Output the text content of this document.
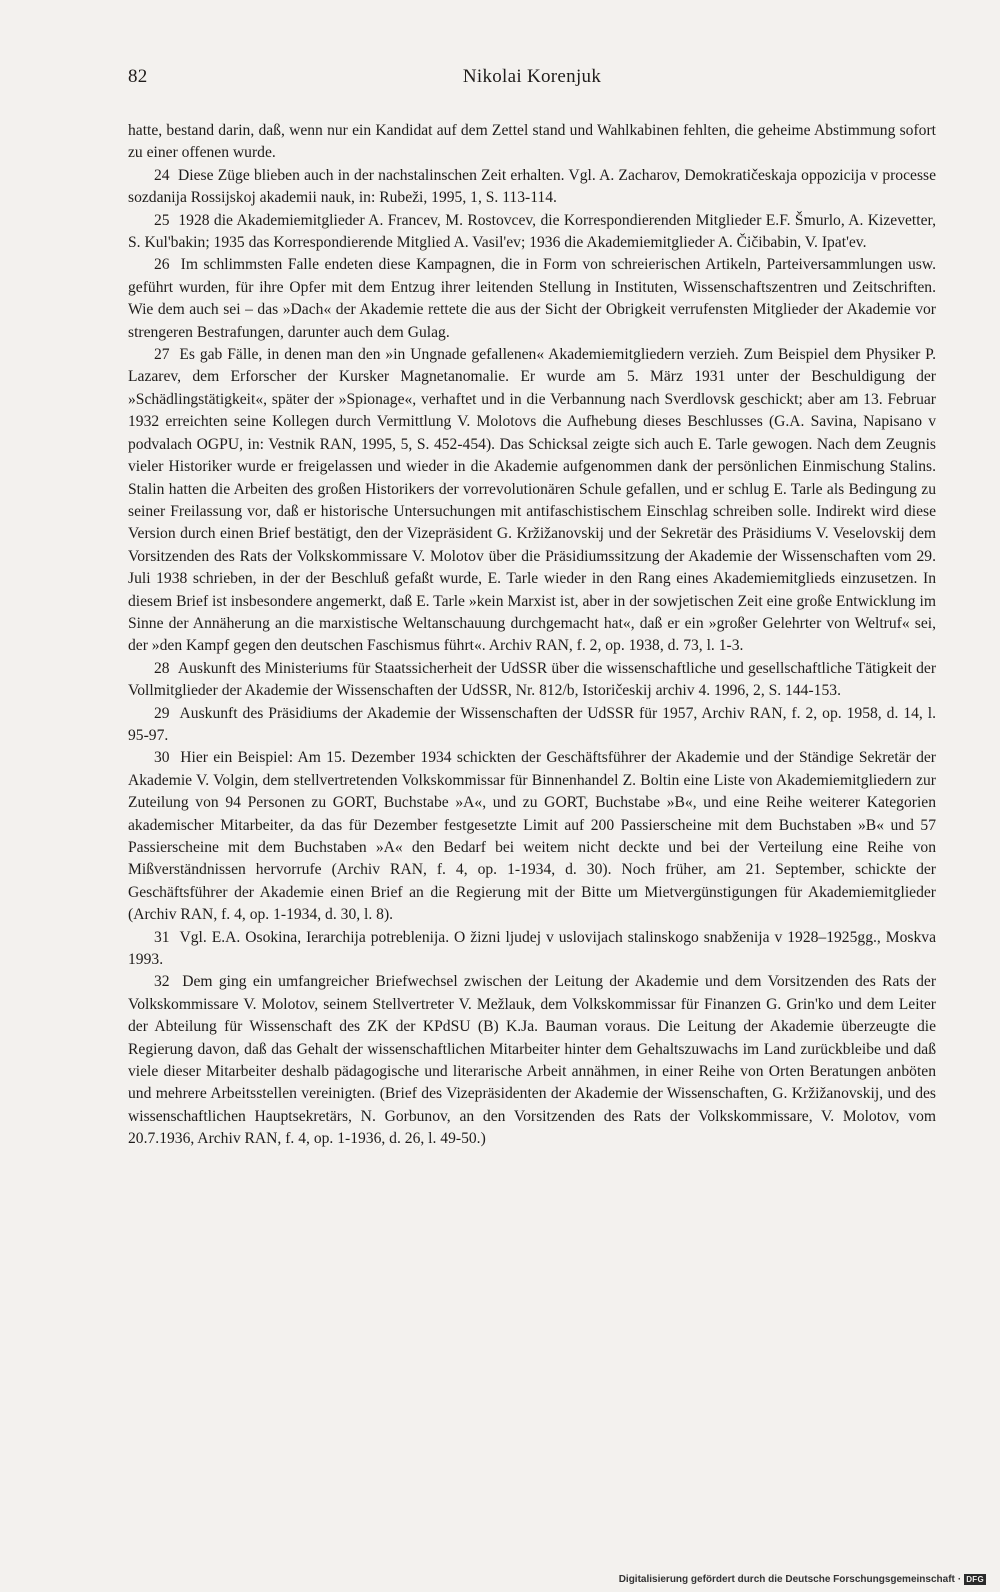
82	Nikolai Korenjuk

hatte, bestand darin, daß, wenn nur ein Kandidat auf dem Zettel stand und Wahlkabinen fehlten, die geheime Abstimmung sofort zu einer offenen wurde.

24 Diese Züge blieben auch in der nachstalinschen Zeit erhalten. Vgl. A. Zacharov, Demokratičeskaja oppozicija v processe sozdanija Rossijskoj akademii nauk, in: Rubeži, 1995, 1, S. 113-114.

25 1928 die Akademiemitglieder A. Francev, M. Rostovcev, die Korrespondierenden Mitglieder E.F. Šmurlo, A. Kizevetter, S. Kul'bakin; 1935 das Korrespondierende Mitglied A. Vasil'ev; 1936 die Akademiemitglieder A. Čičibabin, V. Ipat'ev.

26 Im schlimmsten Falle endeten diese Kampagnen, die in Form von schreierischen Artikeln, Parteiversammlungen usw. geführt wurden, für ihre Opfer mit dem Entzug ihrer leitenden Stellung in Instituten, Wissenschaftszentren und Zeitschriften. Wie dem auch sei – das »Dach« der Akademie rettete die aus der Sicht der Obrigkeit verrufensten Mitglieder der Akademie vor strengeren Bestrafungen, darunter auch dem Gulag.

27 Es gab Fälle, in denen man den »in Ungnade gefallenen« Akademiemitgliedern verzieh. Zum Beispiel dem Physiker P. Lazarev, dem Erforscher der Kursker Magnetanomalie. Er wurde am 5. März 1931 unter der Beschuldigung der »Schädlingstätigkeit«, später der »Spionage«, verhaftet und in die Verbannung nach Sverdlovsk geschickt; aber am 13. Februar 1932 erreichten seine Kollegen durch Vermittlung V. Molotovs die Aufhebung dieses Beschlusses (G.A. Savina, Napisano v podvalach OGPU, in: Vestnik RAN, 1995, 5, S. 452-454). Das Schicksal zeigte sich auch E. Tarle gewogen. Nach dem Zeugnis vieler Historiker wurde er freigelassen und wieder in die Akademie aufgenommen dank der persönlichen Einmischung Stalins. Stalin hatten die Arbeiten des großen Historikers der vorrevolutionären Schule gefallen, und er schlug E. Tarle als Bedingung zu seiner Freilassung vor, daß er historische Untersuchungen mit antifaschistischem Einschlag schreiben solle. Indirekt wird diese Version durch einen Brief bestätigt, den der Vizepräsident G. Kržižanovskij und der Sekretär des Präsidiums V. Veselovskij dem Vorsitzenden des Rats der Volkskommissare V. Molotov über die Präsidiumssitzung der Akademie der Wissenschaften vom 29. Juli 1938 schrieben, in der der Beschluß gefaßt wurde, E. Tarle wieder in den Rang eines Akademiemitglieds einzusetzen. In diesem Brief ist insbesondere angemerkt, daß E. Tarle »kein Marxist ist, aber in der sowjetischen Zeit eine große Entwicklung im Sinne der Annäherung an die marxistische Weltanschauung durchgemacht hat«, daß er ein »großer Gelehrter von Weltruf« sei, der »den Kampf gegen den deutschen Faschismus führt«. Archiv RAN, f. 2, op. 1938, d. 73, l. 1-3.

28 Auskunft des Ministeriums für Staatssicherheit der UdSSR über die wissenschaftliche und gesellschaftliche Tätigkeit der Vollmitglieder der Akademie der Wissenschaften der UdSSR, Nr. 812/b, Istoričeskij archiv 4. 1996, 2, S. 144-153.

29 Auskunft des Präsidiums der Akademie der Wissenschaften der UdSSR für 1957, Archiv RAN, f. 2, op. 1958, d. 14, l. 95-97.

30 Hier ein Beispiel: Am 15. Dezember 1934 schickten der Geschäftsführer der Akademie und der Ständige Sekretär der Akademie V. Volgin, dem stellvertretenden Volkskommissar für Binnenhandel Z. Boltin eine Liste von Akademiemitgliedern zur Zuteilung von 94 Personen zu GORT, Buchstabe »A«, und zu GORT, Buchstabe »B«, und eine Reihe weiterer Kategorien akademischer Mitarbeiter, da das für Dezember festgesetzte Limit auf 200 Passierscheine mit dem Buchstaben »B« und 57 Passierscheine mit dem Buchstaben »A« den Bedarf bei weitem nicht deckte und bei der Verteilung eine Reihe von Mißverständnissen hervorrufe (Archiv RAN, f. 4, op. 1-1934, d. 30). Noch früher, am 21. September, schickte der Geschäftsführer der Akademie einen Brief an die Regierung mit der Bitte um Mietvergünstigungen für Akademiemitglieder (Archiv RAN, f. 4, op. 1-1934, d. 30, l. 8).

31 Vgl. E.A. Osokina, Ierarchija potreblenija. O žizni ljudej v uslovijach stalinskogo snabženija v 1928–1925gg., Moskva 1993.

32 Dem ging ein umfangreicher Briefwechsel zwischen der Leitung der Akademie und dem Vorsitzenden des Rats der Volkskommissare V. Molotov, seinem Stellvertreter V. Mežlauk, dem Volkskommissar für Finanzen G. Grin'ko und dem Leiter der Abteilung für Wissenschaft des ZK der KPdSU (B) K.Ja. Bauman voraus. Die Leitung der Akademie überzeugte die Regierung davon, daß das Gehalt der wissenschaftlichen Mitarbeiter hinter dem Gehaltszuwachs im Land zurückbleibe und daß viele dieser Mitarbeiter deshalb pädagogische und literarische Arbeit annähmen, in einer Reihe von Orten Beratungen anböten und mehrere Arbeitsstellen vereinigten. (Brief des Vizepräsidenten der Akademie der Wissenschaften, G. Kržižanovskij, und des wissenschaftlichen Hauptsekretärs, N. Gorbunov, an den Vorsitzenden des Rats der Volkskommissare, V. Molotov, vom 20.7.1936, Archiv RAN, f. 4, op. 1-1936, d. 26, l. 49-50.)

Digitalisierung gefördert durch die Deutsche Forschungsgemeinschaft · DFG
